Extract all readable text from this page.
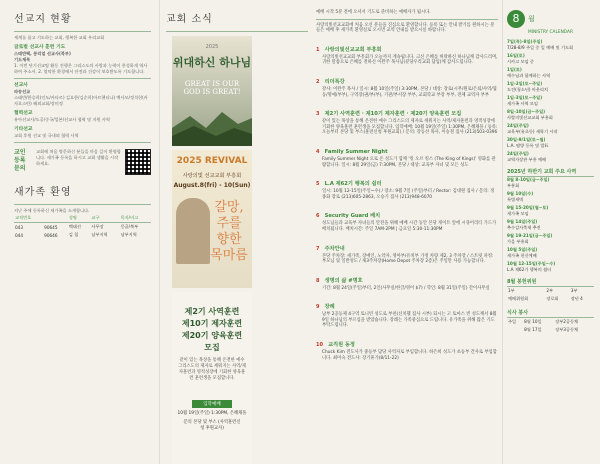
선교지 현황
세계를 품고 기도하는 교회, 행복한 교회 우리교회
글로벌 선교사 훈련 기도
스태반팩, 몽리얼 선교사(북부)
기도제목
1. 이번 단기선교팀 활동 진행은 그리스도의 사랑과 능력이 풍성하게 역사하여 주소서. 2. 열악한 환경에서 안전과 건강이 보호받도록 기도합니다.
선교사
파송선교
스태반/한승희(인도/카타르) 김요한/김순희(아르헨티나) 백사모/정석헌(카자흐스탄) 해외교회/장미정
협력선교
유아선교사/도공/중국/일본/선교사 협력 및 지원 사역
기타선교
교회 후원 선교 및 국내외 협력 사역
교인 등록 문의
교회에 처음 방문하신 분들을 마음 깊이 환영합니다. 새가족 등록을 하시고 교회 생활을 시작하세요.
새가족 환영
지난 주에 등록하신 새가족을 소개합니다.
교적번호		성명	교구	목자/비고
043	90645	백태선	사무장	몽골/북부
044	90646	김 철	남부지역	남부지역
교회 소식
2025
위대하신 하나님
GREAT IS OUR GOD IS GREAT!
2025 REVIVAL
사랑의빛 선교교회 부흥회
August.8(fri) - 10(Sun)
갈망, 주를 향한 목마름
제2기 사역훈련
제10기 제자훈련
제20기 양육훈련
모집
같이 있는 목상을 통해 온전한 예수 그리스도의 제자로 세워지는 사역/제자훈련과 영적성장에 기회한 양육훈련 훈련생을 모집합니다.
입학예배
10월 19일(주일) 1:30PM, 은혜채플
문의 본당 및 부스 (사역훈련신청 후원교사)
예배 시작 5분 전에 오셔서 기도로 준비하는 예배자가 됩시다.
사랑의빛선교교회에 처음 오신 분들을 진심으로 환영합니다. 등록 또는 안내 받기를 원하시는 분들은 예배 후 새가족 환영실로 오시면 교역 안내를 받으시실 바랍니다.
1 사랑의빛선교교회 부흥회
사랑의빛선교교회 부흥회가 오늘까지 계속됩니다. 크신 은혜를 허락하신 하나님께 감사드리며, 귀한 말씀으로 은혜를 전하신 이완주 목사님(분당우리교회 담임)께 감사드립니다.
2 리더특강
강사: 이완주 목사 / 일시: 8월 10일(주일) 3:30PM, 본당 / 대상: 장로(시무/원로/은퇴/사역/협동/명예/부부), 구역장(권/부/부), 기관/부서장 부부, 교회학교 부장 부부, 전체 교역자 부부
3 제2기 사역훈련 · 제10기 제자훈련 · 제20기 양육훈련 모집
같이 있는 목상을 통해 온전한 예수 그리스도의 제자로 세워지는 사역/제자훈련과 영적성장에 기회한 양육훈련 훈련생을 모집합니다. 입학예배: 10월 19일(주일) 1:30PM, 은혜채플 / 등록: 오늘부터 본당 및 부스(훈련신청 후원교회) / 문의: 강동선 목사, 이승철 집사 (213)503-0396
4 Family Summer Night
Family Summer Night 으로 온 성도가 함께 '킹 오브 킹스 (The King of Kings)' 영화를 관람합니다. 일시: 8월 29일(금) 7:30PM, 본당 / 대상: 교육부 자녀 및 모든 성도
5 L.A 제62기 행복의 쉼터
일시: 10월 12-15일(주일~수) / 장소: 9월 7일 (주일)부터 / Rector: 김대원 집사 / 문의: 정종화 장로 (213)605-2863, 오승기 집사 (213)948-6070
6 Security Guard 배치
성도님들과 교육부 자녀들의 안전을 위해 예배 시간 동안 본당 게이트 앞에 시큐어리티 가드가 배치됩니다. 배치시간: 주일 7AM-2PM | 금요일 5:30-11:30PM
7 주차안내
본당 주차장: 새가족, 장애인, 노약자, 영아부/유치부 가정 차량 제2, 3 주차장 / 스트릿 파킹: 부모님 및 일반성도 / 제3주차장(Home Depot 주차장 2층)은 주일만 사용 가능합니다.
8 생명의 삶 #명호
기간: 8월 24일(주일)부터, 2인(사무실/한글/영어 $7) / 학인: 8월 31일(주일) 간이사무실
9 장례
남부 2공동체 4구역 토니빈 성도로 부친(신치웰 집사 시부) 되시는 고 토마스 빈 성도께서 8월 9일 하나님의 부르심을 받았습니다. 장례는 가족중심으로 드립니다. 유가족을 위해 많은 기도 부탁드립니다.
10 교직원 동정
Chuck Kim 전도사가 중등부 담당 사역자로 부임합니다. 하은희 성도가 초등부 간사로 부임합니다. 최미숙 전도사: 장기휴가(8/11-22)
8	월
MINISTRY CALENDAR
7일(목)-8일(주일)
7/28-8/9 주일 중 일 예배 및 기도회
16일(토)
시카고 모임 중
1일(토)
예수님과 함께하는 사역
1일-2일(토~주일)
도전(청소년) 아웃리치
1일-3일(토~주일)
새가족 사역 모임
8일-10일(금~주일)
사랑의빛선교교회 부흥회
24일(주일)
교육부(유초등) 새학기 시작
30일-9/1일(토~월)
L.A. 탐방 등록 및 발표
24일(주일)
교역자장관 부흥 예배
2025년 하반기 교회 주요 사역
8월 8-10일(금~주일)
부흥회
9월 10일(수)
특별새벽
9월 15-20일(월~토)
새가족 모임
9월 14일(주일)
추수감사축제 추진
9월 19-21일(금~주일)
가을 부흥회
10월 5일(주일)
새가족 헌신예배
10월 12-15일(주일~수)
L.A 제62기 행복의 쉼터
8월 봉헌위원
1부	2부	3부
예배위원회	장로회	장년 4
식사 봉사
주일	8월 10일	장부2공동체
	8월 17일	장부3공동체
